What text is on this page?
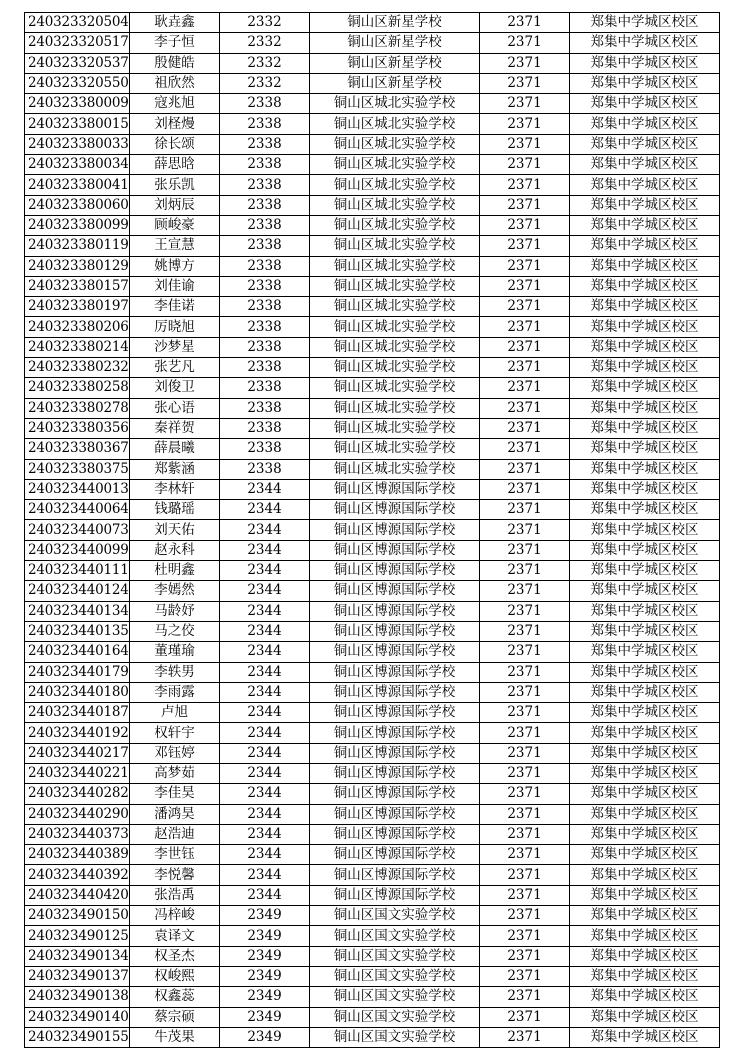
240323320504	耿垚鑫	2332	铜山区新星学校	2371	郑集中学城区校区
240323320517	李子恒	2332	铜山区新星学校	2371	郑集中学城区校区
240323320537	殷健皓	2332	铜山区新星学校	2371	郑集中学城区校区
240323320550	祖欣然	2332	铜山区新星学校	2371	郑集中学城区校区
240323380009	寇兆旭	2338	铜山区城北实验学校	2371	郑集中学城区校区
240323380015	刘柽熳	2338	铜山区城北实验学校	2371	郑集中学城区校区
240323380033	徐长颂	2338	铜山区城北实验学校	2371	郑集中学城区校区
240323380034	薛思晗	2338	铜山区城北实验学校	2371	郑集中学城区校区
240323380041	张乐凯	2338	铜山区城北实验学校	2371	郑集中学城区校区
240323380060	刘炳辰	2338	铜山区城北实验学校	2371	郑集中学城区校区
240323380099	顾峻豪	2338	铜山区城北实验学校	2371	郑集中学城区校区
240323380119	王宣慧	2338	铜山区城北实验学校	2371	郑集中学城区校区
240323380129	姚博方	2338	铜山区城北实验学校	2371	郑集中学城区校区
240323380157	刘佳谕	2338	铜山区城北实验学校	2371	郑集中学城区校区
240323380197	李佳诺	2338	铜山区城北实验学校	2371	郑集中学城区校区
240323380206	厉晓旭	2338	铜山区城北实验学校	2371	郑集中学城区校区
240323380214	沙梦星	2338	铜山区城北实验学校	2371	郑集中学城区校区
240323380232	张艺凡	2338	铜山区城北实验学校	2371	郑集中学城区校区
240323380258	刘俊卫	2338	铜山区城北实验学校	2371	郑集中学城区校区
240323380278	张心语	2338	铜山区城北实验学校	2371	郑集中学城区校区
240323380356	秦祥贺	2338	铜山区城北实验学校	2371	郑集中学城区校区
240323380367	薛晨曦	2338	铜山区城北实验学校	2371	郑集中学城区校区
240323380375	郑紫涵	2338	铜山区城北实验学校	2371	郑集中学城区校区
240323440013	李林轩	2344	铜山区博源国际学校	2371	郑集中学城区校区
240323440064	钱璐瑶	2344	铜山区博源国际学校	2371	郑集中学城区校区
240323440073	刘天佑	2344	铜山区博源国际学校	2371	郑集中学城区校区
240323440099	赵永科	2344	铜山区博源国际学校	2371	郑集中学城区校区
240323440111	杜明鑫	2344	铜山区博源国际学校	2371	郑集中学城区校区
240323440124	李嫣然	2344	铜山区博源国际学校	2371	郑集中学城区校区
240323440134	马龄妤	2344	铜山区博源国际学校	2371	郑集中学城区校区
240323440135	马之佼	2344	铜山区博源国际学校	2371	郑集中学城区校区
240323440164	董瑾瑜	2344	铜山区博源国际学校	2371	郑集中学城区校区
240323440179	李轶男	2344	铜山区博源国际学校	2371	郑集中学城区校区
240323440180	李雨露	2344	铜山区博源国际学校	2371	郑集中学城区校区
240323440187	卢旭	2344	铜山区博源国际学校	2371	郑集中学城区校区
240323440192	权轩宇	2344	铜山区博源国际学校	2371	郑集中学城区校区
240323440217	邓钰婷	2344	铜山区博源国际学校	2371	郑集中学城区校区
240323440221	高梦茹	2344	铜山区博源国际学校	2371	郑集中学城区校区
240323440282	李佳昊	2344	铜山区博源国际学校	2371	郑集中学城区校区
240323440290	潘鸿昊	2344	铜山区博源国际学校	2371	郑集中学城区校区
240323440373	赵浩迪	2344	铜山区博源国际学校	2371	郑集中学城区校区
240323440389	李世钰	2344	铜山区博源国际学校	2371	郑集中学城区校区
240323440392	李悦馨	2344	铜山区博源国际学校	2371	郑集中学城区校区
240323440420	张浩禹	2344	铜山区博源国际学校	2371	郑集中学城区校区
240323490150	冯梓峻	2349	铜山区国文实验学校	2371	郑集中学城区校区
240323490125	袁译文	2349	铜山区国文实验学校	2371	郑集中学城区校区
240323490134	权圣杰	2349	铜山区国文实验学校	2371	郑集中学城区校区
240323490137	权峻熙	2349	铜山区国文实验学校	2371	郑集中学城区校区
240323490138	权鑫蕊	2349	铜山区国文实验学校	2371	郑集中学城区校区
240323490140	蔡宗硕	2349	铜山区国文实验学校	2371	郑集中学城区校区
240323490155	牛茂果	2349	铜山区国文实验学校	2371	郑集中学城区校区
